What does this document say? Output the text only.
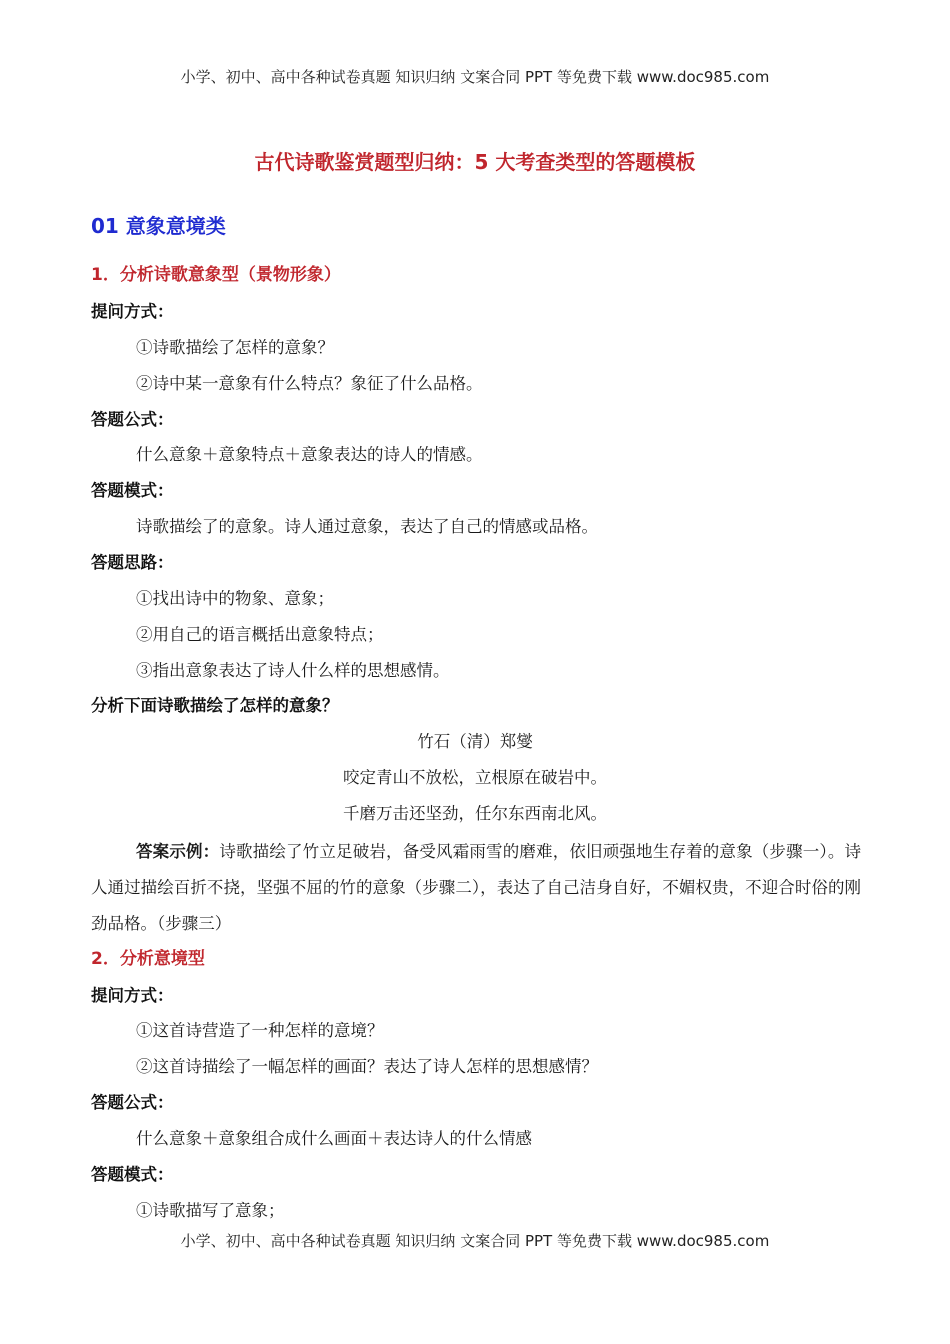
小学、初中、高中各种试卷真题 知识归纳 文案合同 PPT 等免费下载 www.doc985.com
古代诗歌鉴赏题型归纳：5 大考查类型的答题模板
01 意象意境类
1．分析诗歌意象型（景物形象）
提问方式：
①诗歌描绘了怎样的意象？
②诗中某一意象有什么特点？象征了什么品格。
答题公式：
什么意象＋意象特点＋意象表达的诗人的情感。
答题模式：
诗歌描绘了的意象。诗人通过意象，表达了自己的情感或品格。
答题思路：
①找出诗中的物象、意象；
②用自己的语言概括出意象特点；
③指出意象表达了诗人什么样的思想感情。
分析下面诗歌描绘了怎样的意象？
竹石（清）郑燮
咬定青山不放松，立根原在破岩中。
千磨万击还坚劲，任尔东西南北风。
答案示例：诗歌描绘了竹立足破岩，备受风霜雨雪的磨难，依旧顽强地生存着的意象（步骤一）。诗人通过描绘百折不挠，坚强不屈的竹的意象（步骤二），表达了自己洁身自好，不媚权贵，不迎合时俗的刚劲品格。（步骤三）
2．分析意境型
提问方式：
①这首诗营造了一种怎样的意境？
②这首诗描绘了一幅怎样的画面？表达了诗人怎样的思想感情？
答题公式：
什么意象＋意象组合成什么画面＋表达诗人的什么情感
答题模式：
①诗歌描写了意象；
小学、初中、高中各种试卷真题 知识归纳 文案合同 PPT 等免费下载 www.doc985.com
